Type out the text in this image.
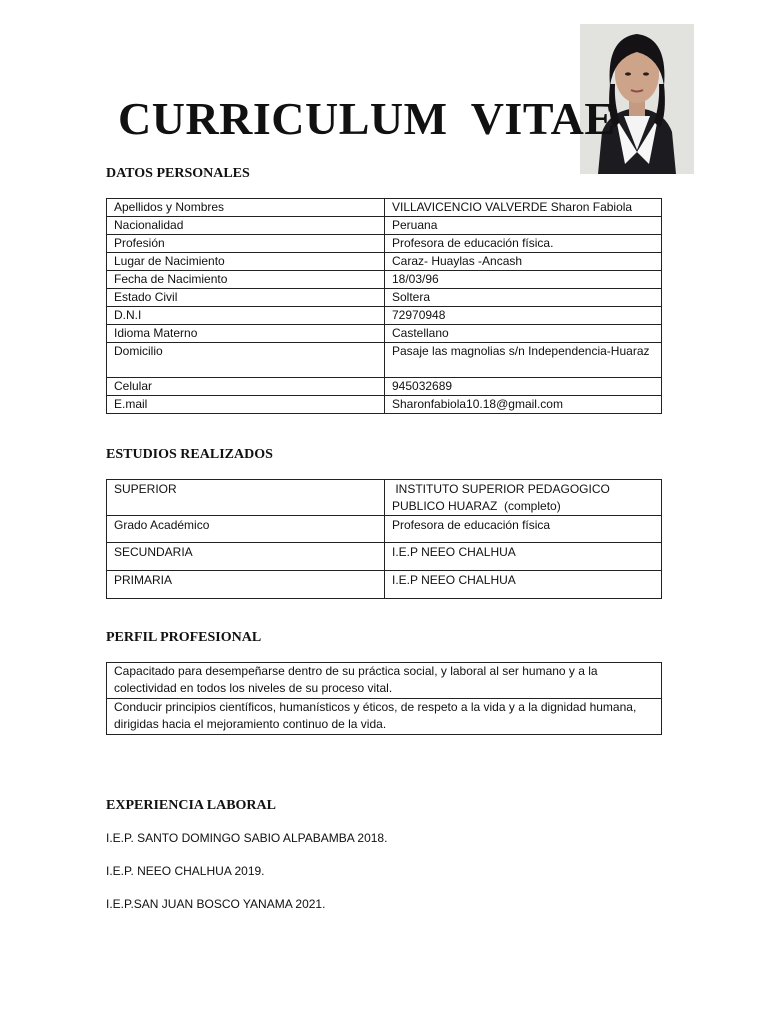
CURRICULUM  VITAE
DATOS PERSONALES
Apellidos y Nombres	VILLAVICENCIO VALVERDE Sharon Fabiola
Nacionalidad	Peruana
Profesión	Profesora de educación física.
Lugar de Nacimiento	Caraz- Huaylas -Ancash
Fecha de Nacimiento	18/03/96
Estado Civil	Soltera
D.N.I	72970948
Idioma Materno	Castellano
Domicilio	Pasaje las magnolias s/n Independencia-Huaraz
Celular	945032689
E.mail	Sharonfabiola10.18@gmail.com
ESTUDIOS REALIZADOS
SUPERIOR	INSTITUTO SUPERIOR PEDAGOGICO PUBLICO HUARAZ  (completo)
Grado Académico	Profesora de educación física
SECUNDARIA	I.E.P NEEO CHALHUA
PRIMARIA	I.E.P NEEO CHALHUA
PERFIL PROFESIONAL
Capacitado para desempeñarse dentro de su práctica social, y laboral al ser humano y a la colectividad en todos los niveles de su proceso vital.
Conducir principios científicos, humanísticos y éticos, de respeto a la vida y a la dignidad humana, dirigidas hacia el mejoramiento continuo de la vida.
EXPERIENCIA LABORAL

I.E.P. SANTO DOMINGO SABIO ALPABAMBA 2018.

I.E.P. NEEO CHALHUA 2019.

I.E.P.SAN JUAN BOSCO YANAMA 2021.
